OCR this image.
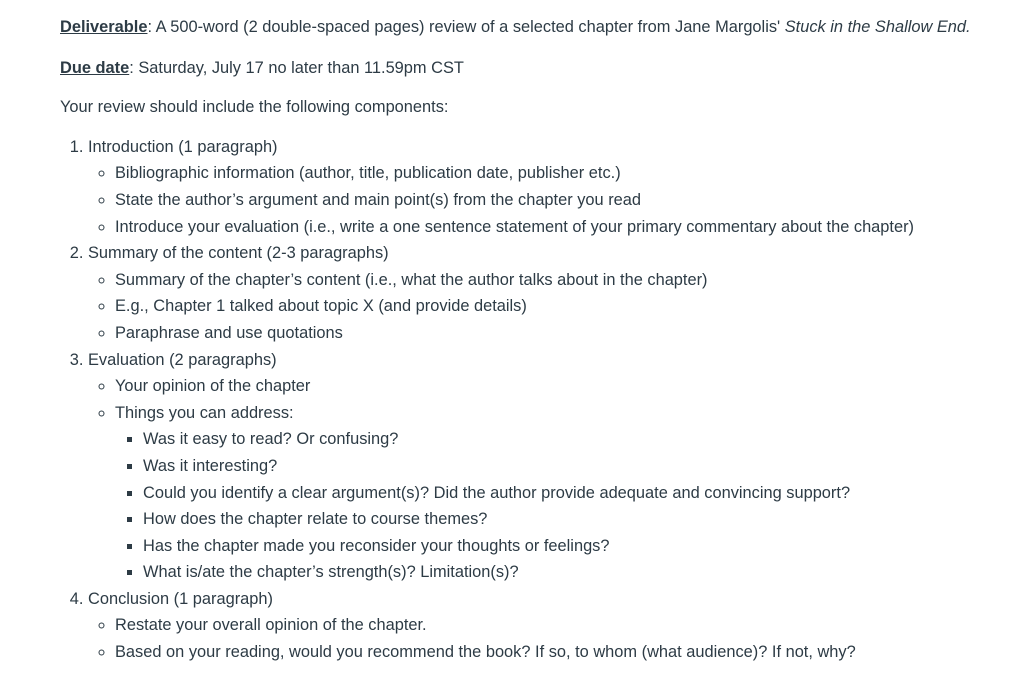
Deliverable: A 500-word (2 double-spaced pages) review of a selected chapter from Jane Margolis' Stuck in the Shallow End.

Due date: Saturday, July 17 no later than 11.59pm CST

Your review should include the following components:

1. Introduction (1 paragraph)
◦ Bibliographic information (author, title, publication date, publisher etc.)
◦ State the author’s argument and main point(s) from the chapter you read
◦ Introduce your evaluation (i.e., write a one sentence statement of your primary commentary about the chapter)
2. Summary of the content (2-3 paragraphs)
◦ Summary of the chapter’s content (i.e., what the author talks about in the chapter)
◦ E.g., Chapter 1 talked about topic X (and provide details)
◦ Paraphrase and use quotations
3. Evaluation (2 paragraphs)
◦ Your opinion of the chapter
◦ Things you can address:
▪ Was it easy to read? Or confusing?
▪ Was it interesting?
▪ Could you identify a clear argument(s)? Did the author provide adequate and convincing support?
▪ How does the chapter relate to course themes?
▪ Has the chapter made you reconsider your thoughts or feelings?
▪ What is/ate the chapter’s strength(s)? Limitation(s)?
4. Conclusion (1 paragraph)
◦ Restate your overall opinion of the chapter.
◦ Based on your reading, would you recommend the book? If so, to whom (what audience)? If not, why?
